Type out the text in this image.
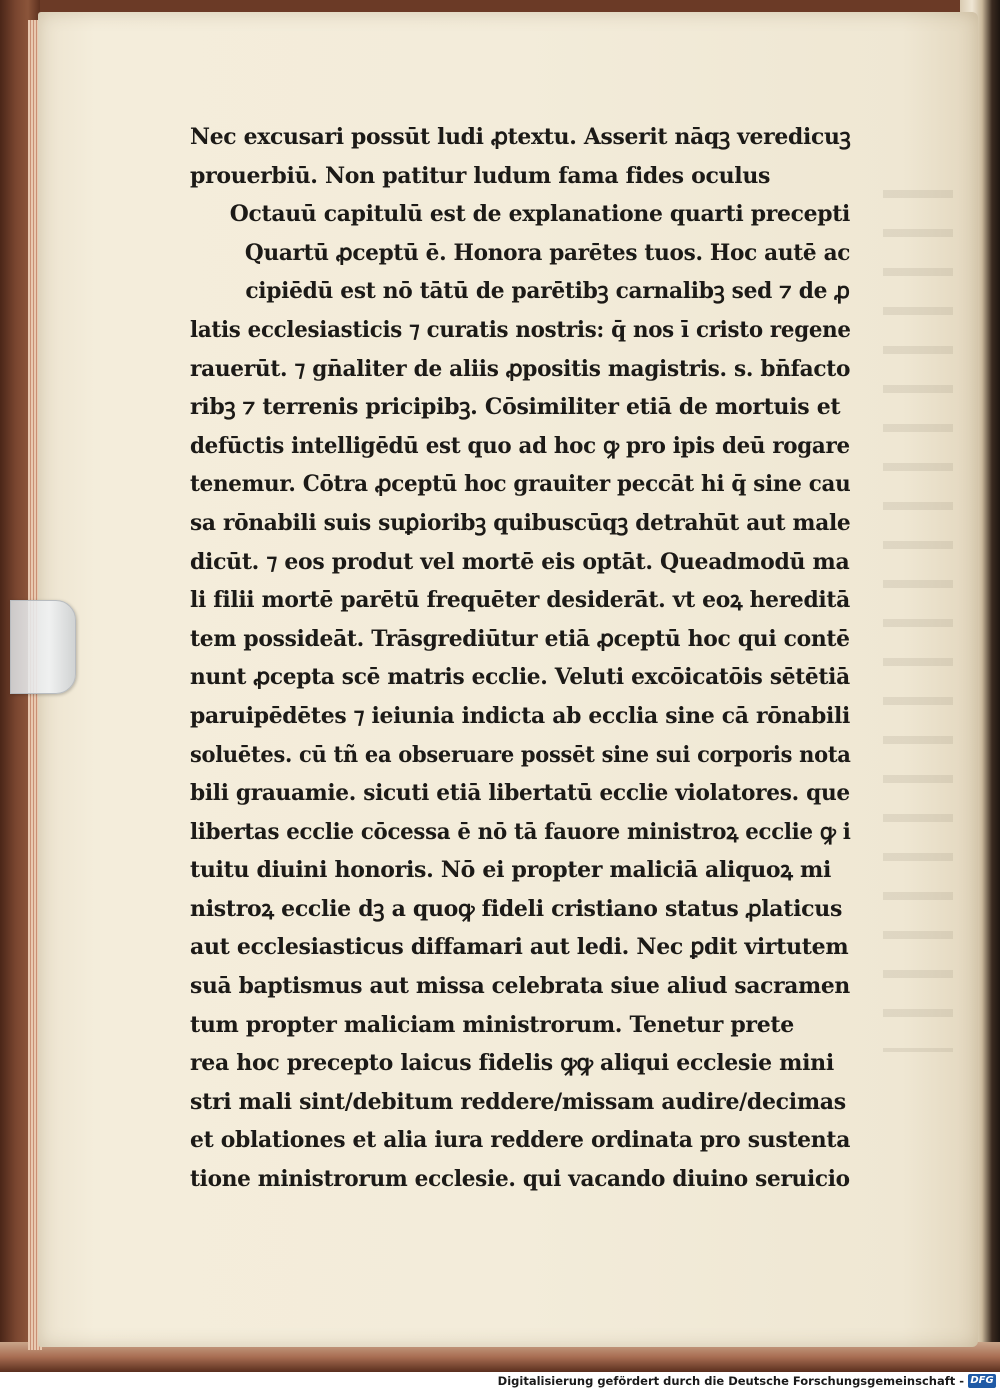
Nec excusari possūt ludi ꝓtextu. Asserit nāqꝫ veredicuꝫ
prouerbiū. Non patitur ludum fama fides oculus
Octauū capitulū est de explanatione quarti precepti
Quartū ꝓceptū ē. Honora parētes tuos. Hoc autē ac
cipiēdū est nō tātū de parētibꝫ carnalibꝫ sed ⁊ de ꝓ
latis ecclesiasticis ⁊ curatis nostris: q̄ nos ī cristo regene
rauerūt. ⁊ gn̄aliter de aliis ꝓpositis magistris. s. bn̄facto
ribꝫ ⁊ terrenis pricipibꝫ. Cōsimiliter etiā de mortuis et
defūctis intelligēdū est quo ad hoc ꝙ pro ipis deū rogare
tenemur. Cōtra ꝓceptū hoc grauiter peccāt hi q̄ sine cau
sa rōnabili suis suꝑioribꝫ quibuscūqꝫ detrahūt aut male
dicūt. ⁊ eos produt vel mortē eis optāt. Queadmodū ma
li filii mortē parētū frequēter desiderāt. vt eoꝝ hereditā
tem possideāt. Trāsgrediūtur etiā ꝓceptū hoc qui contē
nunt ꝓcepta scē matris ecclie. Veluti excōicatōis sētētiā
paruipēdētes ⁊ ieiunia indicta ab ecclia sine cā rōnabili
soluētes. cū tñ ea obseruare possēt sine sui corporis nota
bili grauamie. sicuti etiā libertatū ecclie violatores. que
libertas ecclie cōcessa ē nō tā fauore ministroꝝ ecclie ꝙ i
tuitu diuini honoris. Nō ei propter maliciā aliquoꝝ mi
nistroꝝ ecclie dꝫ a quoꝙ fideli cristiano status ꝓlaticus
aut ecclesiasticus diffamari aut ledi. Nec ꝑdit virtutem
suā baptismus aut missa celebrata siue aliud sacramen
tum propter maliciam ministrorum. Tenetur prete
rea hoc precepto laicus fidelis ꝙꝙ aliqui ecclesie mini
stri mali sint/debitum reddere/missam audire/decimas
et oblationes et alia iura reddere ordinata pro sustenta
tione ministrorum ecclesie. qui vacando diuino seruicio
Digitalisierung gefördert durch die Deutsche Forschungsgemeinschaft - DFG
